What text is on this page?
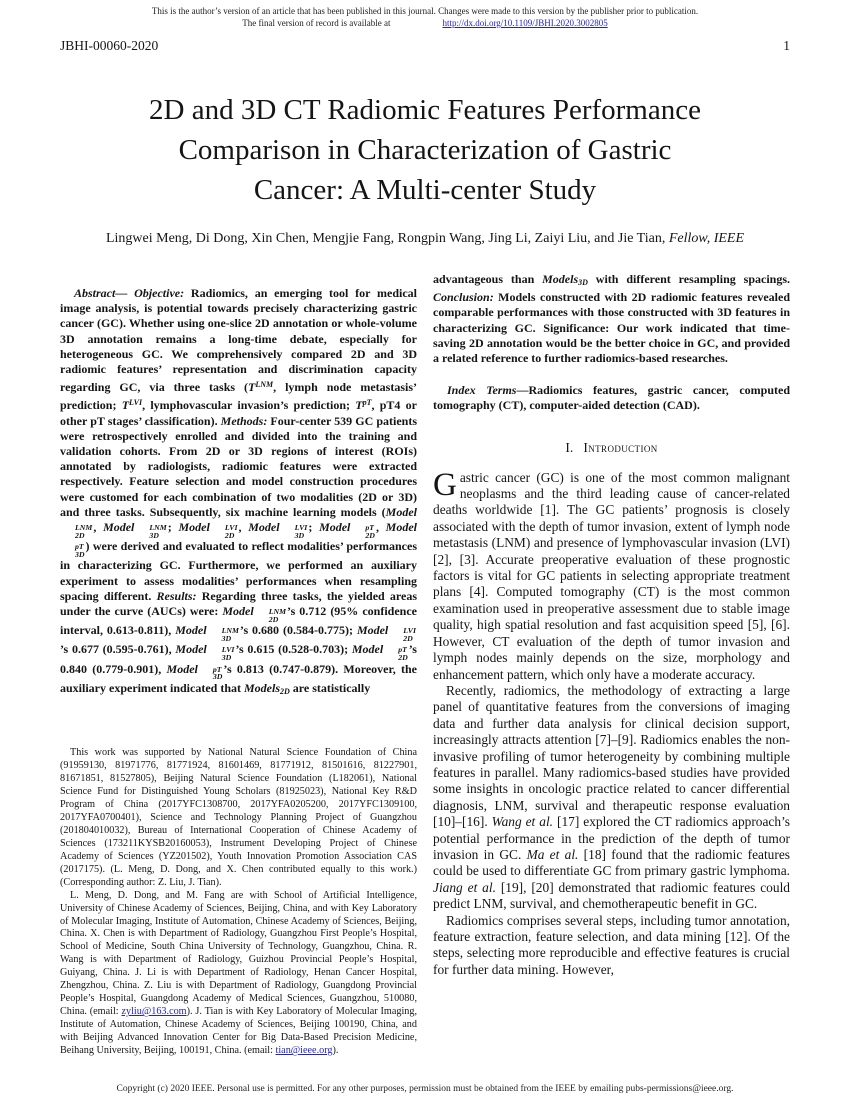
This is the author’s version of an article that has been published in this journal. Changes were made to this version by the publisher prior to publication.
The final version of record is available at	http://dx.doi.org/10.1109/JBHI.2020.3002805
JBHI-00060-2020	1
2D and 3D CT Radiomic Features Performance
Comparison in Characterization of Gastric
Cancer: A Multi-center Study
Lingwei Meng, Di Dong, Xin Chen, Mengjie Fang, Rongpin Wang, Jing Li, Zaiyi Liu, and Jie Tian, Fellow, IEEE

Abstract— Objective: Radiomics, an emerging tool for medical image analysis, is potential towards precisely characterizing gastric cancer (GC). Whether using one-slice 2D annotation or whole-volume 3D annotation remains a long-time debate, especially for heterogeneous GC. We comprehensively compared 2D and 3D radiomic features’ representation and discrimination capacity regarding GC, via three tasks ($T^{LNM}$, lymph node metastasis’ prediction; $T^{LVI}$, lymphovascular invasion’s prediction; $T^{pT}$, pT4 or other pT stages’ classification). Methods: Four-center 539 GC patients were retrospectively enrolled and divided into the training and validation cohorts. From 2D or 3D regions of interest (ROIs) annotated by radiologists, radiomic features were extracted respectively. Feature selection and model construction procedures were customed for each combination of two modalities (2D or 3D) and three tasks. Subsequently, six machine learning models (Model
LNM
2D
, Model	LNM
3D
; Model	LVI
2D
, Model	LVI
3D
; Model	pT
2D
, Model
pT
3D
) were derived and evaluated to reflect modalities’ performances in characterizing GC. Furthermore, we performed an auxiliary experiment to assess modalities’ performances when resampling spacing different. Results: Regarding three tasks, the yielded areas under the curve (AUCs) were: Model	LNM
2D
’s 0.712 (95% confidence interval, 0.613-0.811), Model	LNM
3D
’s 0.680 (0.584-0.775); Model	LVI
2D
’s 0.677 (0.595-0.761), Model	LVI
3D
’s 0.615 (0.528-0.703); Model	pT
2D
’s 0.840 (0.779-0.901), Model	pT
3D
’s 0.813 (0.747-0.879). Moreover, the auxiliary experiment indicated that Models2D are statistically

This work was supported by National Natural Science Foundation of China (91959130, 81971776, 81771924, 81601469, 81771912, 81501616, 81227901, 81671851, 81527805), Beijing Natural Science Foundation (L182061), National Science Fund for Distinguished Young Scholars (81925023), National Key R&D Program of China (2017YFC1308700, 2017YFA0205200, 2017YFC1309100, 2017YFA0700401), Science and Technology Planning Project of Guangzhou (201804010032), Bureau of International Cooperation of Chinese Academy of Sciences (173211KYSB20160053), Instrument Developing Project of Chinese Academy of Sciences (YZ201502), Youth Innovation Promotion Association CAS (2017175). (L. Meng, D. Dong, and X. Chen contributed equally to this work.) (Corresponding author: Z. Liu, J. Tian).

L. Meng, D. Dong, and M. Fang are with School of Artificial Intelligence, University of Chinese Academy of Sciences, Beijing, China, and with Key Laboratory of Molecular Imaging, Institute of Automation, Chinese Academy of Sciences, Beijing, China. X. Chen is with Department of Radiology, Guangzhou First People’s Hospital, School of Medicine, South China University of Technology, Guangzhou, China. R. Wang is with Department of Radiology, Guizhou Provincial People’s Hospital, Guiyang, China. J. Li is with Department of Radiology, Henan Cancer Hospital, Zhengzhou, China. Z. Liu is with Department of Radiology, Guangdong Provincial People’s Hospital, Guangdong Academy of Medical Sciences, Guangzhou, 510080, China. (email: zyliu@163.com). J. Tian is with Key Laboratory of Molecular Imaging, Institute of Automation, Chinese Academy of Sciences, Beijing 100190, China, and with Beijing Advanced Innovation Center for Big Data-Based Precision Medicine, Beihang University, Beijing, 100191, China. (email: tian@ieee.org).

advantageous than Models3D with different resampling spacings. Conclusion: Models constructed with 2D radiomic features revealed comparable performances with those constructed with 3D features in characterizing GC. Significance: Our work indicated that time-saving 2D annotation would be the better choice in GC, and provided a related reference to further radiomics-based researches.

Index Terms—Radiomics features, gastric cancer, computed tomography (CT), computer-aided detection (CAD).

I.   Introduction

Gastric cancer (GC) is one of the most common malignant neoplasms and the third leading cause of cancer-related deaths worldwide [1]. The GC patients’ prognosis is closely associated with the depth of tumor invasion, extent of lymph node metastasis (LNM) and presence of lymphovascular invasion (LVI) [2], [3]. Accurate preoperative evaluation of these prognostic factors is vital for GC patients in selecting appropriate treatment plans [4]. Computed tomography (CT) is the most common examination used in preoperative assessment due to stable image quality, high spatial resolution and fast acquisition speed [5], [6]. However, CT evaluation of the depth of tumor invasion and lymph nodes mainly depends on the size, morphology and enhancement pattern, which only have a moderate accuracy.

Recently, radiomics, the methodology of extracting a large panel of quantitative features from the conversions of imaging data and further data analysis for clinical decision support, increasingly attracts attention [7]–[9]. Radiomics enables the non-invasive profiling of tumor heterogeneity by combining multiple features in parallel. Many radiomics-based studies have provided some insights in oncologic practice related to cancer differential diagnosis, LNM, survival and therapeutic response evaluation [10]–[16]. Wang et al. [17] explored the CT radiomics approach’s potential performance in the prediction of the depth of tumor invasion in GC. Ma et al. [18] found that the radiomic features could be used to differentiate GC from primary gastric lymphoma. Jiang et al. [19], [20] demonstrated that radiomic features could predict LNM, survival, and chemotherapeutic benefit in GC.

Radiomics comprises several steps, including tumor annotation, feature extraction, feature selection, and data mining [12]. Of the steps, selecting more reproducible and effective features is crucial for further data mining. However,

Copyright (c) 2020 IEEE. Personal use is permitted. For any other purposes, permission must be obtained from the IEEE by emailing pubs-permissions@ieee.org.
